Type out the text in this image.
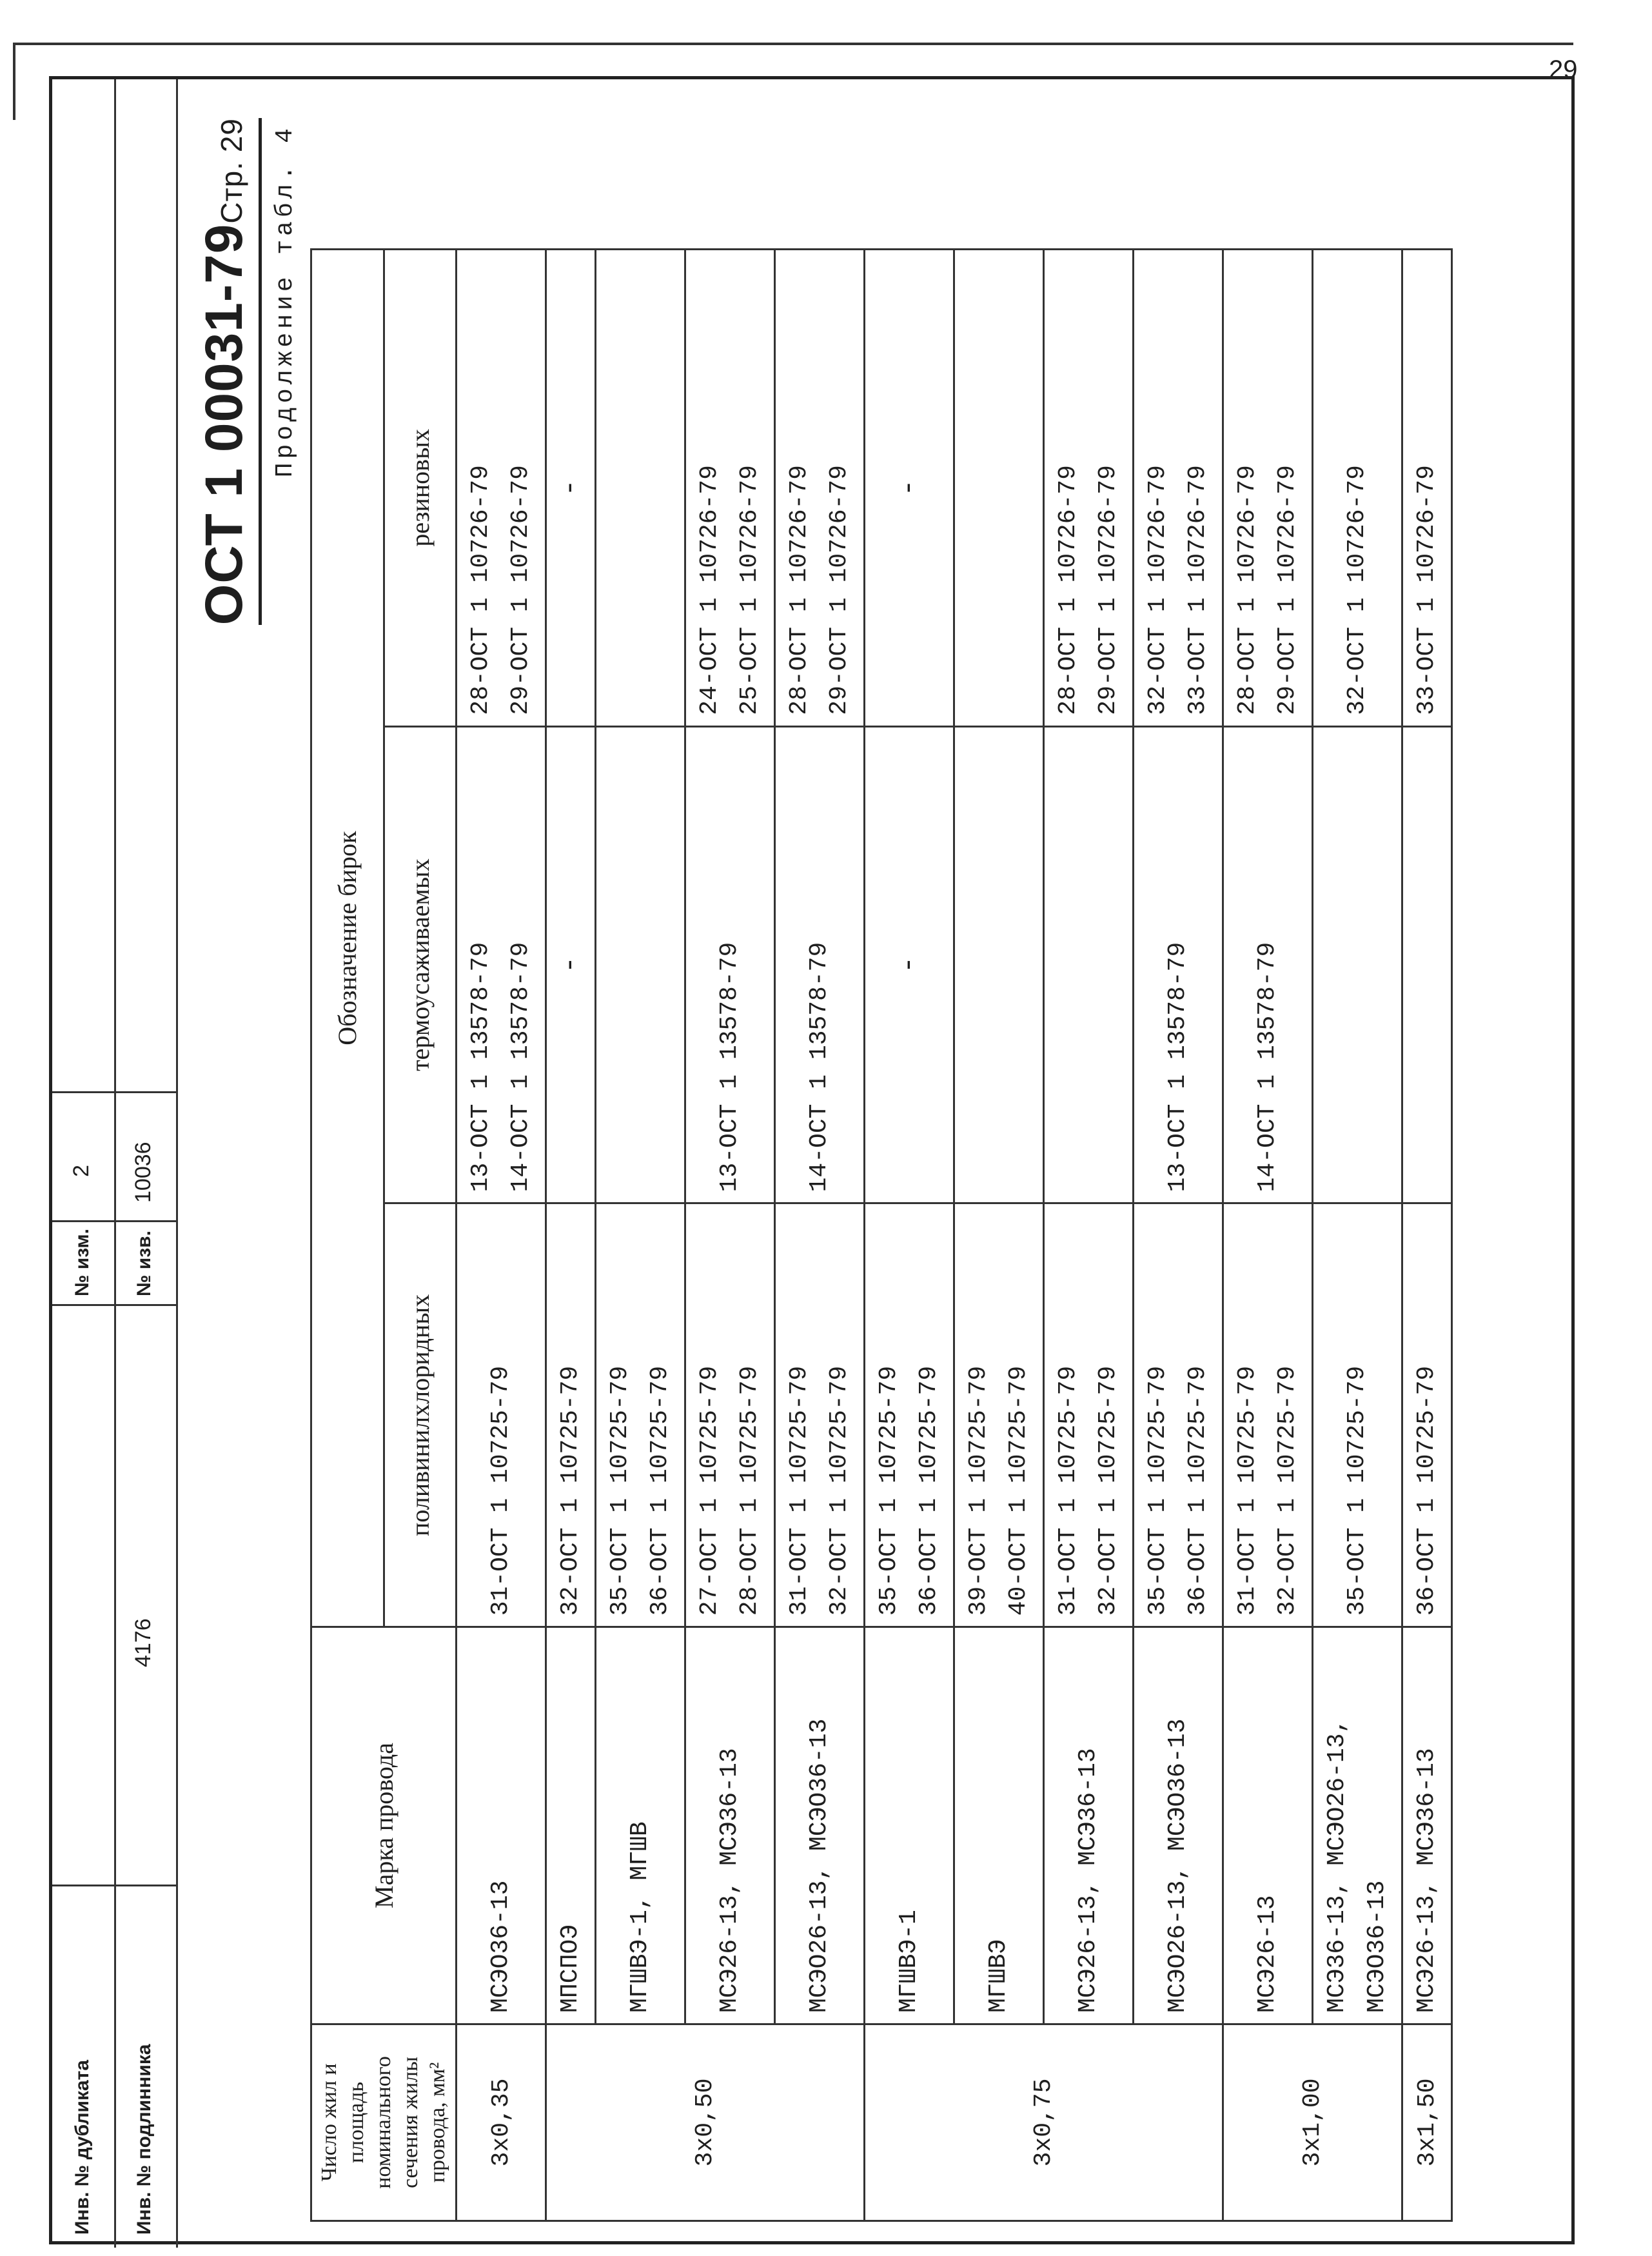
29
Инв. № дубликата
№ изм.
2
Инв. № подлинника
4176
№ изв.
10036
ОСТ 1 00031-79Стр. 29 Продолжение табл. 4
Число жил и площадь номинального сечения жилы провода, мм²	Марка провода	Обозначение бирок		
		поливинилхлоридных	термоусаживаемых	резиновых
3x0,35	МСЭО36-13	31-ОСТ 1 10725-79	13-ОСТ 1 13578-79 14-ОСТ 1 13578-79	28-ОСТ 1 10726-79 29-ОСТ 1 10726-79

3x0,50	МПСПОЭ	32-ОСТ 1 10725-79	-	-

	МГШВЭ-1, МГШВ	35-ОСТ 1 10725-79 36-ОСТ 1 10725-79		

	МСЭ26-13, МСЭ36-13	27-ОСТ 1 10725-79 28-ОСТ 1 10725-79	13-ОСТ 1 13578-79	24-ОСТ 1 10726-79 25-ОСТ 1 10726-79

	МСЭО26-13, МСЭО36-13	31-ОСТ 1 10725-79 32-ОСТ 1 10725-79	14-ОСТ 1 13578-79	28-ОСТ 1 10726-79 29-ОСТ 1 10726-79

3x0,75	МГШВЭ-1	35-ОСТ 1 10725-79 36-ОСТ 1 10725-79	-	-

	МГШВЭ	39-ОСТ 1 10725-79 40-ОСТ 1 10725-79		

	МСЭ26-13, МСЭ36-13	31-ОСТ 1 10725-79 32-ОСТ 1 10725-79		28-ОСТ 1 10726-79 29-ОСТ 1 10726-79

	МСЭО26-13, МСЭО36-13	35-ОСТ 1 10725-79 36-ОСТ 1 10725-79	13-ОСТ 1 13578-79	32-ОСТ 1 10726-79 33-ОСТ 1 10726-79

3x1,00	МСЭ26-13	31-ОСТ 1 10725-79 32-ОСТ 1 10725-79	14-ОСТ 1 13578-79	28-ОСТ 1 10726-79 29-ОСТ 1 10726-79

	МСЭ36-13, МСЭО26-13, МСЭО36-13	35-ОСТ 1 10725-79		32-ОСТ 1 10726-79

3x1,50	МСЭ26-13, МСЭ36-13	36-ОСТ 1 10725-79		33-ОСТ 1 10726-79
